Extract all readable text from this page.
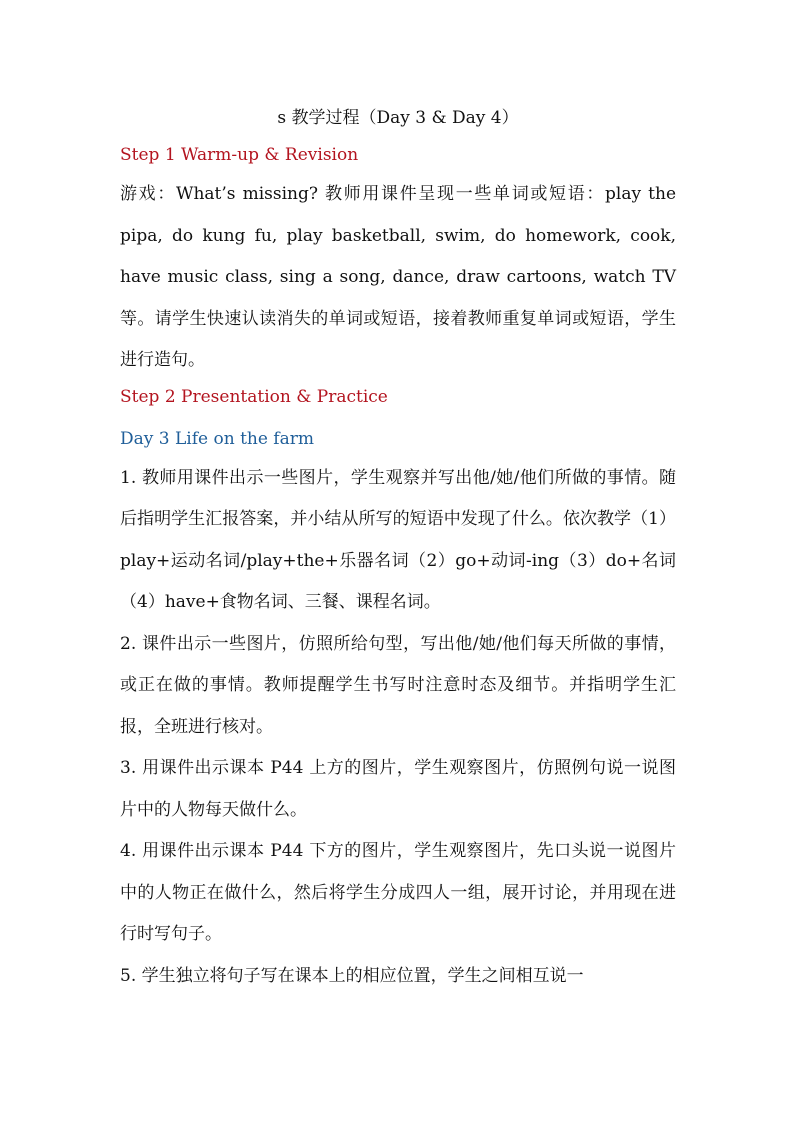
s 教学过程（Day 3 & Day 4）
Step 1 Warm-up & Revision

游戏：What’s missing? 教师用课件呈现一些单词或短语：play the pipa, do kung fu, play basketball, swim, do homework, cook, have music class, sing a song, dance, draw cartoons, watch TV 等。请学生快速认读消失的单词或短语，接着教师重复单词或短语，学生进行造句。

Step 2 Presentation & Practice
Day 3 Life on the farm

1. 教师用课件出示一些图片，学生观察并写出他/她/他们所做的事情。随后指明学生汇报答案，并小结从所写的短语中发现了什么。依次教学（1）play+运动名词/play+the+乐器名词（2）go+动词-ing（3）do+名词（4）have+食物名词、三餐、课程名词。

2. 课件出示一些图片，仿照所给句型，写出他/她/他们每天所做的事情，或正在做的事情。教师提醒学生书写时注意时态及细节。并指明学生汇报，全班进行核对。

3. 用课件出示课本 P44 上方的图片，学生观察图片，仿照例句说一说图片中的人物每天做什么。

4. 用课件出示课本 P44 下方的图片，学生观察图片，先口头说一说图片中的人物正在做什么，然后将学生分成四人一组，展开讨论，并用现在进行时写句子。

5. 学生独立将句子写在课本上的相应位置，学生之间相互说一
